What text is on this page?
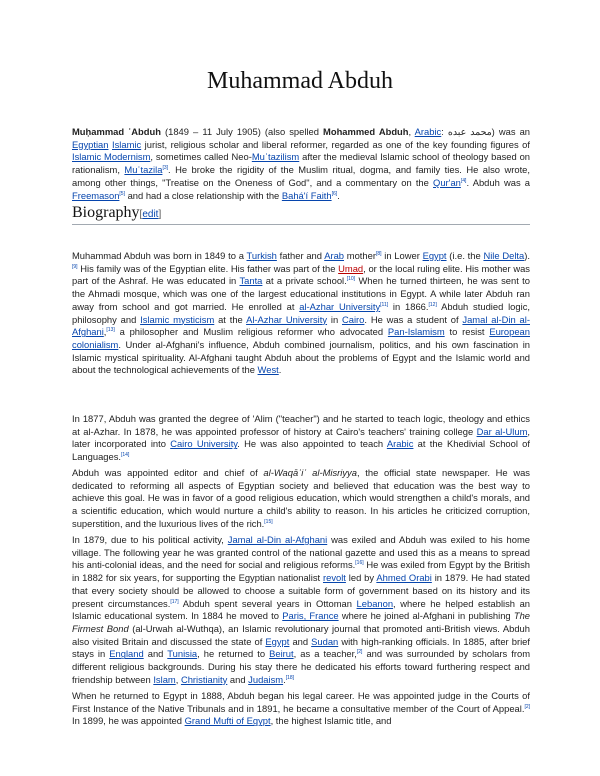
Muhammad Abduh

Muḥammad ʿAbduh (1849 – 11 July 1905) (also spelled Mohammed Abduh, Arabic: محمد عبده) was an Egyptian Islamic jurist, religious scholar and liberal reformer, regarded as one of the key founding figures of Islamic Modernism, sometimes called Neo-Muʿtazilism after the medieval Islamic school of theology based on rationalism, Muʿtazila[3]. He broke the rigidity of the Muslim ritual, dogma, and family ties. He also wrote, among other things, "Treatise on the Oneness of God", and a commentary on the Qur'an[4]. Abduh was a Freemason[5] and had a close relationship with the Bahá'í Faith[6].

Biography[edit]

Muhammad Abduh was born in 1849 to a Turkish father and Arab mother[8] in Lower Egypt (i.e. the Nile Delta).[9] His family was of the Egyptian elite. His father was part of the Umad, or the local ruling elite. His mother was part of the Ashraf. He was educated in Tanta at a private school.[10] When he turned thirteen, he was sent to the Ahmadi mosque, which was one of the largest educational institutions in Egypt. A while later Abduh ran away from school and got married. He enrolled at al-Azhar University[11] in 1866.[12] Abduh studied logic, philosophy and Islamic mysticism at the Al-Azhar University in Cairo. He was a student of Jamal al-Din al-Afghani,[13] a philosopher and Muslim religious reformer who advocated Pan-Islamism to resist European colonialism. Under al-Afghani's influence, Abduh combined journalism, politics, and his own fascination in Islamic mystical spirituality. Al-Afghani taught Abduh about the problems of Egypt and the Islamic world and about the technological achievements of the West.

In 1877, Abduh was granted the degree of 'Alim ("teacher") and he started to teach logic, theology and ethics at al-Azhar. In 1878, he was appointed professor of history at Cairo's teachers' training college Dar al-Ulum, later incorporated into Cairo University. He was also appointed to teach Arabic at the Khedivial School of Languages.[14]

Abduh was appointed editor and chief of al-Waqāʾiʿ al-Misriyya, the official state newspaper. He was dedicated to reforming all aspects of Egyptian society and believed that education was the best way to achieve this goal. He was in favor of a good religious education, which would strengthen a child's morals, and a scientific education, which would nurture a child's ability to reason. In his articles he criticized corruption, superstition, and the luxurious lives of the rich.[15]

In 1879, due to his political activity, Jamal al-Din al-Afghani was exiled and Abduh was exiled to his home village. The following year he was granted control of the national gazette and used this as a means to spread his anti-colonial ideas, and the need for social and religious reforms.[16] He was exiled from Egypt by the British in 1882 for six years, for supporting the Egyptian nationalist revolt led by Ahmed Orabi in 1879. He had stated that every society should be allowed to choose a suitable form of government based on its history and its present circumstances.[17] Abduh spent several years in Ottoman Lebanon, where he helped establish an Islamic educational system. In 1884 he moved to Paris, France where he joined al-Afghani in publishing The Firmest Bond (al-Urwah al-Wuthqa), an Islamic revolutionary journal that promoted anti-British views. Abduh also visited Britain and discussed the state of Egypt and Sudan with high-ranking officials. In 1885, after brief stays in England and Tunisia, he returned to Beirut, as a teacher,[2] and was surrounded by scholars from different religious backgrounds. During his stay there he dedicated his efforts toward furthering respect and friendship between Islam, Christianity and Judaism.[18]

When he returned to Egypt in 1888, Abduh began his legal career. He was appointed judge in the Courts of First Instance of the Native Tribunals and in 1891, he became a consultative member of the Court of Appeal.[2] In 1899, he was appointed Grand Mufti of Egypt, the highest Islamic title, and
